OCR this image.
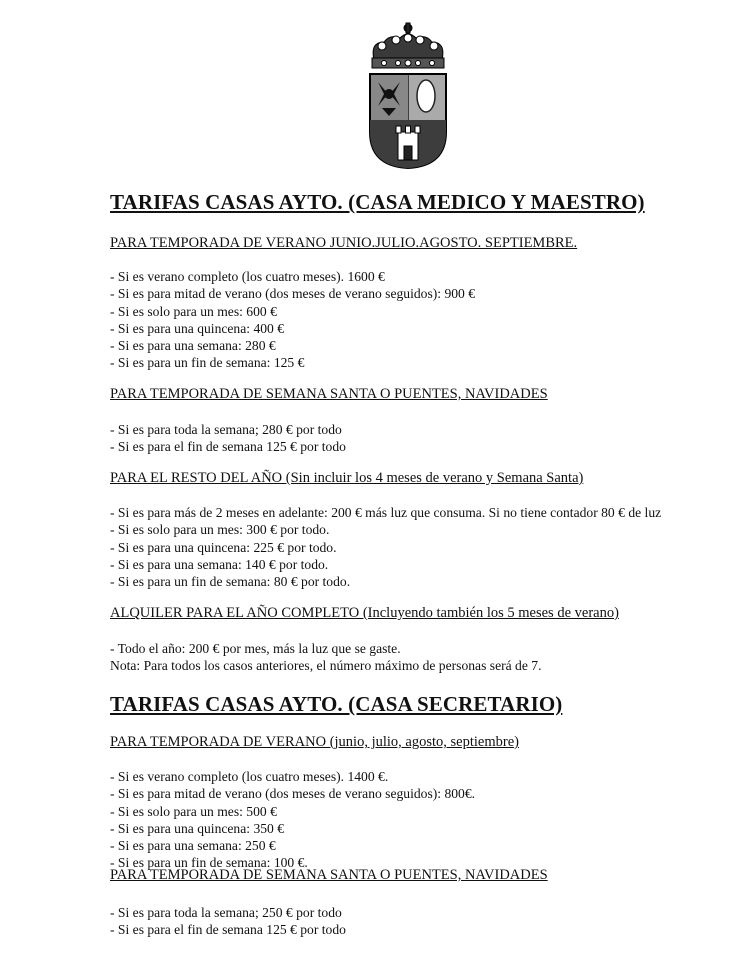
TARIFAS CASAS AYTO. (CASA MEDICO Y MAESTRO)
PARA TEMPORADA DE VERANO JUNIO.JULIO.AGOSTO. SEPTIEMBRE.
- Si es verano completo (los cuatro meses). 1600 €
- Si es para mitad de verano (dos meses de verano seguidos): 900 €
- Si es solo para un mes: 600 €
- Si es para una quincena: 400 €
- Si es para una semana: 280 €
- Si es para un fin de semana: 125 €
PARA TEMPORADA DE SEMANA SANTA O PUENTES, NAVIDADES
- Si es para toda la semana; 280 € por todo
- Si es para el fin de semana 125 € por todo
PARA EL RESTO DEL AÑO (Sin incluir los 4 meses de verano y Semana Santa)
- Si es para más de 2 meses en adelante: 200 € más luz que consuma. Si no tiene contador 80 € de luz
- Si es solo para un mes: 300 € por todo.
- Si es para una quincena: 225 € por todo.
- Si es para una semana: 140 € por todo.
- Si es para un fin de semana: 80 € por todo.
ALQUILER PARA EL AÑO COMPLETO (Incluyendo también los 5 meses de verano)
- Todo el año: 200 € por mes, más la luz que se gaste.
Nota: Para todos los casos anteriores, el número máximo de personas será de 7.
TARIFAS CASAS AYTO. (CASA SECRETARIO)
PARA TEMPORADA DE VERANO (junio, julio, agosto, septiembre)
- Si es verano completo (los cuatro meses). 1400 €.
- Si es para mitad de verano (dos meses de verano seguidos): 800€.
- Si es solo para un mes: 500 €
- Si es para una quincena: 350 €
- Si es para una semana: 250 €
- Si es para un fin de semana: 100 €.
PARA TEMPORADA DE SEMANA SANTA O PUENTES, NAVIDADES
- Si es para toda la semana; 250 € por todo
- Si es para el fin de semana 125 € por todo
